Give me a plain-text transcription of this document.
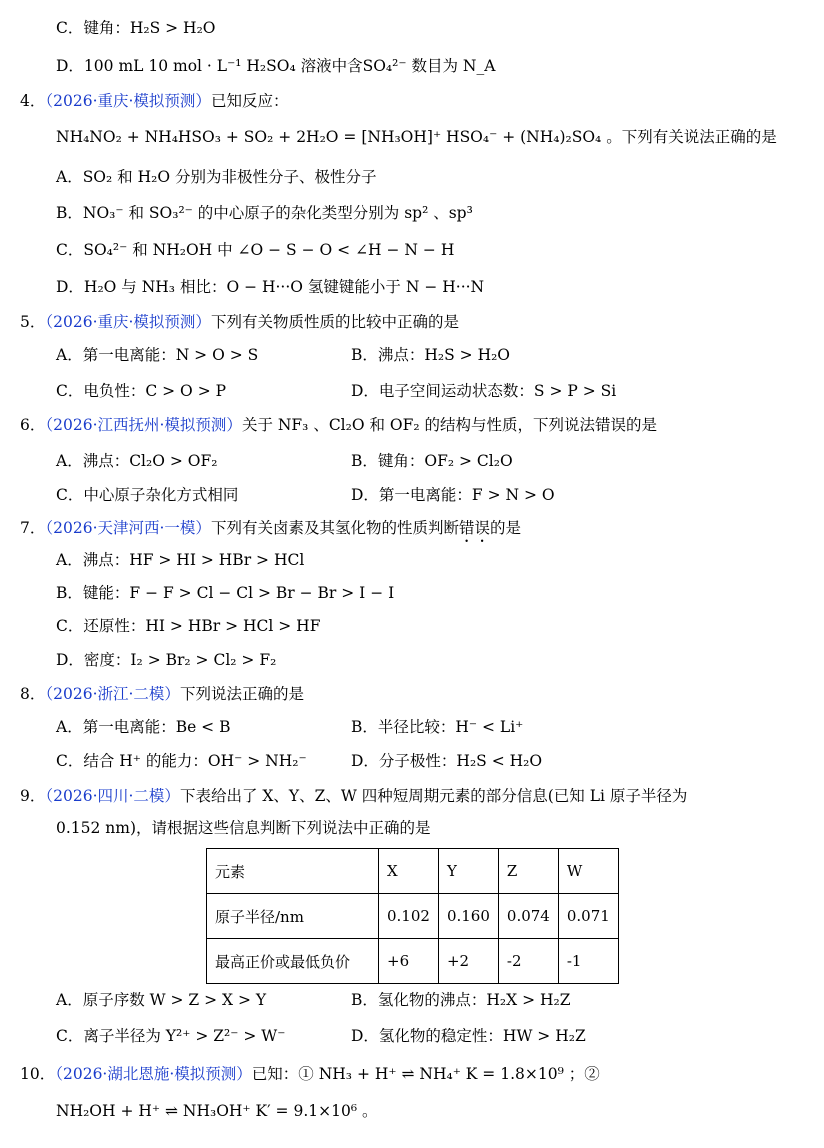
C．键角：H₂S > H₂O
D．100 mL 10 mol · L⁻¹ H₂SO₄ 溶液中含SO₄²⁻ 数目为 N_A
4．（2026·重庆·模拟预测）已知反应：
NH₄NO₂ + NH₄HSO₃ + SO₂ + 2H₂O = [NH₃OH]⁺ HSO₄⁻ + (NH₄)₂SO₄ 。下列有关说法正确的是
A．SO₂ 和 H₂O 分别为非极性分子、极性分子
B．NO₃⁻ 和 SO₃²⁻ 的中心原子的杂化类型分别为 sp² 、sp³
C．SO₄²⁻ 和 NH₂OH 中 ∠O − S − O < ∠H − N − H
D．H₂O 与 NH₃ 相比：O − H···O 氢键键能小于 N − H···N
5．（2026·重庆·模拟预测）下列有关物质性质的比较中正确的是
A．第一电离能：N > O > S	B．沸点：H₂S > H₂O
C．电负性：C > O > P	D．电子空间运动状态数：S > P > Si
6．（2026·江西抚州·模拟预测）关于 NF₃ 、Cl₂O 和 OF₂ 的结构与性质，下列说法错误的是
A．沸点：Cl₂O > OF₂	B．键角：OF₂ > Cl₂O
C．中心原子杂化方式相同	D．第一电离能：F > N > O
7．（2026·天津河西·一模）下列有关卤素及其氢化物的性质判断错误的是
A．沸点：HF > HI > HBr > HCl
B．键能：F − F > Cl − Cl > Br − Br > I − I
C．还原性：HI > HBr > HCl > HF
D．密度：I₂ > Br₂ > Cl₂ > F₂
8．（2026·浙江·二模）下列说法正确的是
A．第一电离能：Be < B	B．半径比较：H⁻ < Li⁺
C．结合 H⁺ 的能力：OH⁻ > NH₂⁻	D．分子极性：H₂S < H₂O
9．（2026·四川·二模）下表给出了 X、Y、Z、W 四种短周期元素的部分信息(已知 Li 原子半径为
0.152 nm)，请根据这些信息判断下列说法中正确的是
元素	X	Y	Z	W
原子半径/nm	0.102	0.160	0.074	0.071
最高正价或最低负价	+6	+2	-2	-1
A．原子序数 W > Z > X > Y	B．氢化物的沸点：H₂X > H₂Z
C．离子半径为 Y²⁺ > Z²⁻ > W⁻	D．氢化物的稳定性：HW > H₂Z
10．（2026·湖北恩施·模拟预测）已知：① NH₃ + H⁺ ⇌ NH₄⁺ K = 1.8×10⁹ ；②
NH₂OH + H⁺ ⇌ NH₃OH⁺ K′ = 9.1×10⁶ 。
